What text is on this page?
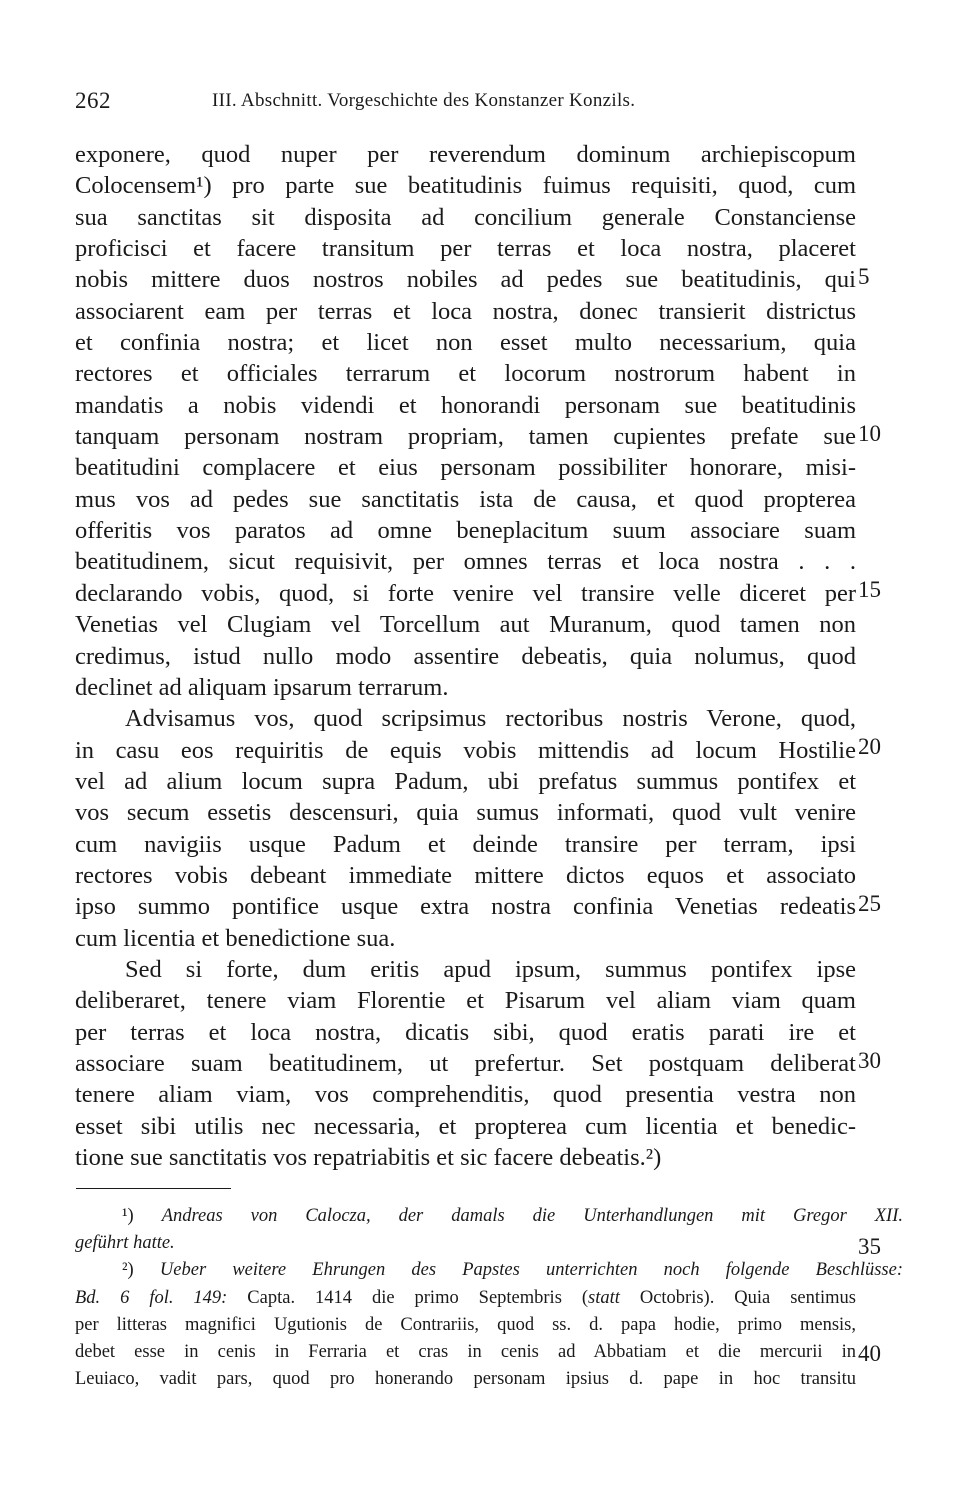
262	III. Abschnitt. Vorgeschichte des Konstanzer Konzils.
exponere, quod nuper per reverendum dominum archiepiscopum
Colocensem¹) pro parte sue beatitudinis fuimus requisiti, quod, cum
sua sanctitas sit disposita ad concilium generale Constanciense
proficisci et facere transitum per terras et loca nostra, placeret
nobis mittere duos nostros nobiles ad pedes sue beatitudinis, qui
associarent eam per terras et loca nostra, donec transierit districtus
et confinia nostra; et licet non esset multo necessarium, quia
rectores et officiales terrarum et locorum nostrorum habent in
mandatis a nobis videndi et honorandi personam sue beatitudinis
tanquam personam nostram propriam, tamen cupientes prefate sue
beatitudini complacere et eius personam possibiliter honorare, misi-
mus vos ad pedes sue sanctitatis ista de causa, et quod propterea
offeritis vos paratos ad omne beneplacitum suum associare suam
beatitudinem, sicut requisivit, per omnes terras et loca nostra . . .
declarando vobis, quod, si forte venire vel transire velle diceret per
Venetias vel Clugiam vel Torcellum aut Muranum, quod tamen non
credimus, istud nullo modo assentire debeatis, quia nolumus, quod
declinet ad aliquam ipsarum terrarum.
Advisamus vos, quod scripsimus rectoribus nostris Verone, quod,
in casu eos requiritis de equis vobis mittendis ad locum Hostilie
vel ad alium locum supra Padum, ubi prefatus summus pontifex et
vos secum essetis descensuri, quia sumus informati, quod vult venire
cum navigiis usque Padum et deinde transire per terram, ipsi
rectores vobis debeant immediate mittere dictos equos et associato
ipso summo pontifice usque extra nostra confinia Venetias redeatis
cum licentia et benedictione sua.
Sed si forte, dum eritis apud ipsum, summus pontifex ipse
deliberaret, tenere viam Florentie et Pisarum vel aliam viam quam
per terras et loca nostra, dicatis sibi, quod eratis parati ire et
associare suam beatitudinem, ut prefertur. Set postquam deliberat
tenere aliam viam, vos comprehenditis, quod presentia vestra non
esset sibi utilis nec necessaria, et propterea cum licentia et benedic-
tione sue sanctitatis vos repatriabitis et sic facere debeatis.²)
5
10
15
20
25
30
¹) Andreas von Calocza, der damals die Unterhandlungen mit Gregor XII.
geführt hatte.
²) Ueber weitere Ehrungen des Papstes unterrichten noch folgende Beschlüsse:
Bd. 6 fol. 149: Capta. 1414 die primo Septembris (statt Octobris). Quia sentimus
per litteras magnifici Ugutionis de Contrariis, quod ss. d. papa hodie, primo mensis,
debet esse in cenis in Ferraria et cras in cenis ad Abbatiam et die mercurii in
Leuiaco, vadit pars, quod pro honerando personam ipsius d. pape in hoc transitu
35
40
